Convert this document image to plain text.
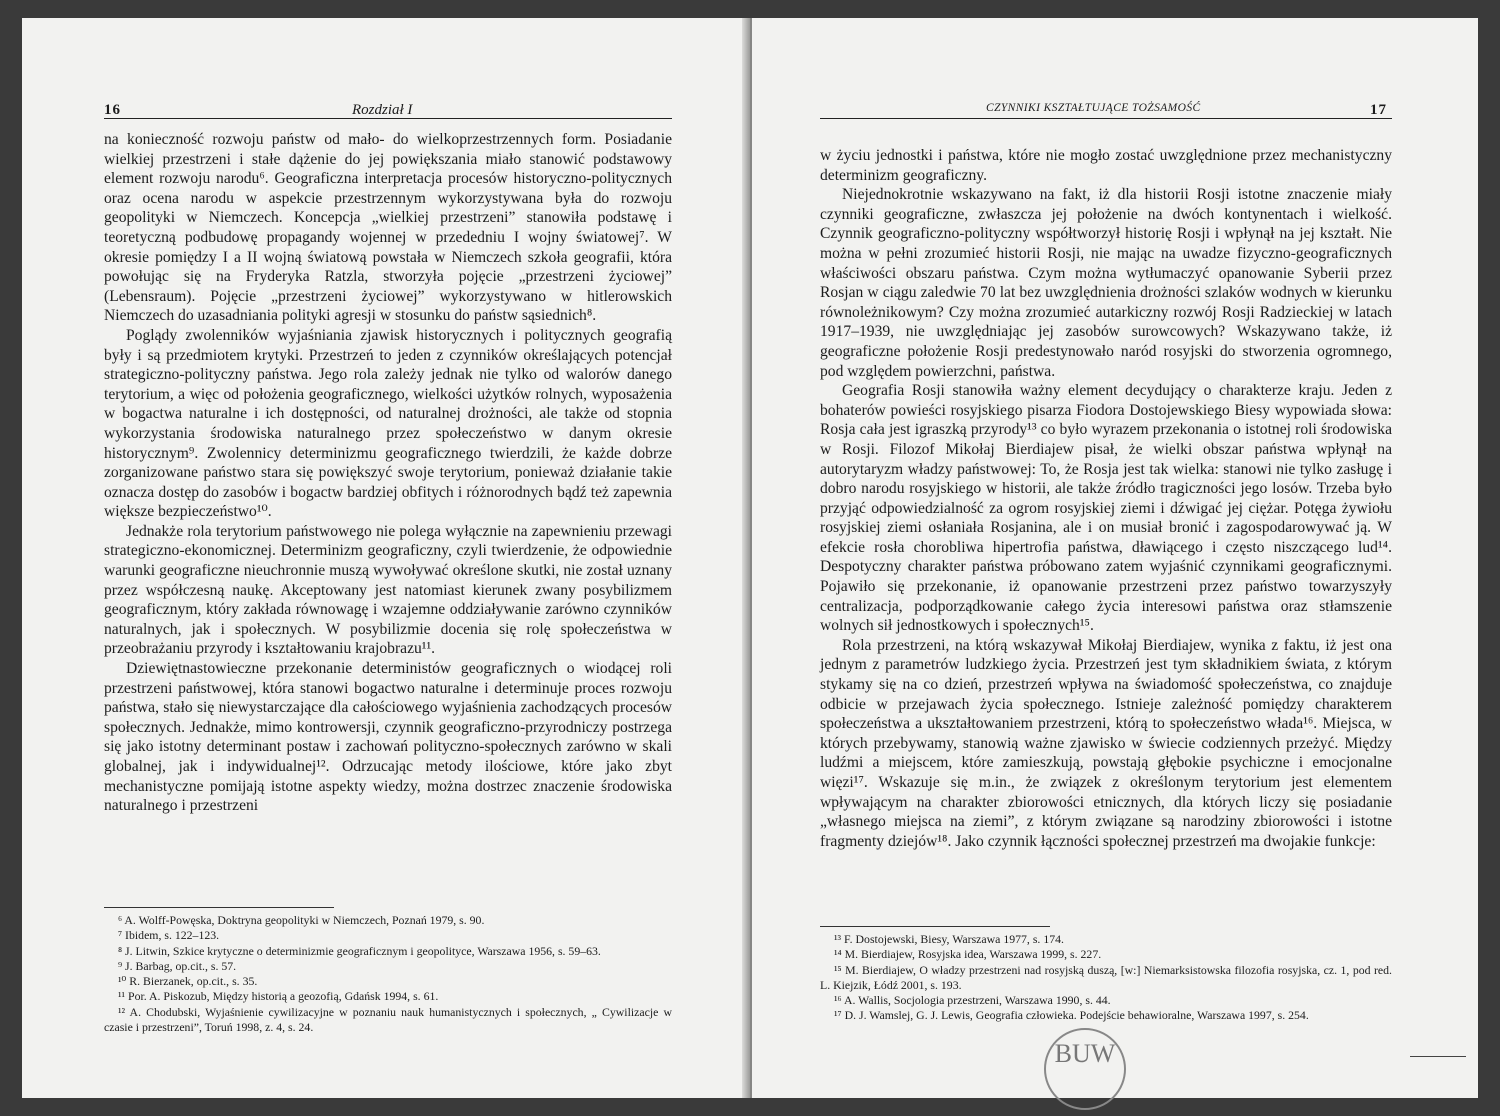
16	Rozdział I

na konieczność rozwoju państw od mało- do wielkoprzestrzennych form. Posiadanie wielkiej przestrzeni i stałe dążenie do jej powiększania miało stanowić podstawowy element rozwoju narodu⁶. Geograficzna interpretacja procesów historyczno-politycznych oraz ocena narodu w aspekcie przestrzennym wykorzystywana była do rozwoju geopolityki w Niemczech. Koncepcja „wielkiej przestrzeni” stanowiła podstawę i teoretyczną podbudowę propagandy wojennej w przededniu I wojny światowej⁷. W okresie pomiędzy I a II wojną światową powstała w Niemczech szkoła geografii, która powołując się na Fryderyka Ratzla, stworzyła pojęcie „przestrzeni życiowej” (Lebensraum). Pojęcie „przestrzeni życiowej” wykorzystywano w hitlerowskich Niemczech do uzasadniania polityki agresji w stosunku do państw sąsiednich⁸.

Poglądy zwolenników wyjaśniania zjawisk historycznych i politycznych geografią były i są przedmiotem krytyki. Przestrzeń to jeden z czynników określających potencjał strategiczno-polityczny państwa. Jego rola zależy jednak nie tylko od walorów danego terytorium, a więc od położenia geograficznego, wielkości użytków rolnych, wyposażenia w bogactwa naturalne i ich dostępności, od naturalnej drożności, ale także od stopnia wykorzystania środowiska naturalnego przez społeczeństwo w danym okresie historycznym⁹. Zwolennicy determinizmu geograficznego twierdzili, że każde dobrze zorganizowane państwo stara się powiększyć swoje terytorium, ponieważ działanie takie oznacza dostęp do zasobów i bogactw bardziej obfitych i różnorodnych bądź też zapewnia większe bezpieczeństwo¹⁰.

Jednakże rola terytorium państwowego nie polega wyłącznie na zapewnieniu przewagi strategiczno-ekonomicznej. Determinizm geograficzny, czyli twierdzenie, że odpowiednie warunki geograficzne nieuchronnie muszą wywoływać określone skutki, nie został uznany przez współczesną naukę. Akceptowany jest natomiast kierunek zwany posybilizmem geograficznym, który zakłada równowagę i wzajemne oddziaływanie zarówno czynników naturalnych, jak i społecznych. W posybilizmie docenia się rolę społeczeństwa w przeobrażaniu przyrody i kształtowaniu krajobrazu¹¹.

Dziewiętnastowieczne przekonanie deterministów geograficznych o wiodącej roli przestrzeni państwowej, która stanowi bogactwo naturalne i determinuje proces rozwoju państwa, stało się niewystarczające dla całościowego wyjaśnienia zachodzących procesów społecznych. Jednakże, mimo kontrowersji, czynnik geograficzno-przyrodniczy postrzega się jako istotny determinant postaw i zachowań polityczno-społecznych zarówno w skali globalnej, jak i indywidualnej¹². Odrzucając metody ilościowe, które jako zbyt mechanistyczne pomijają istotne aspekty wiedzy, można dostrzec znaczenie środowiska naturalnego i przestrzeni

⁶ A. Wolff-Powęska, Doktryna geopolityki w Niemczech, Poznań 1979, s. 90.

⁷ Ibidem, s. 122–123.

⁸ J. Litwin, Szkice krytyczne o determinizmie geograficznym i geopolityce, Warszawa 1956, s. 59–63.

⁹ J. Barbag, op.cit., s. 57.

¹⁰ R. Bierzanek, op.cit., s. 35.

¹¹ Por. A. Piskozub, Między historią a geozofią, Gdańsk 1994, s. 61.

¹² A. Chodubski, Wyjaśnienie cywilizacyjne w poznaniu nauk humanistycznych i społecznych, „ Cywilizacje w czasie i przestrzeni”, Toruń 1998, z. 4, s. 24.

CZYNNIKI KSZTAŁTUJĄCE TOŻSAMOŚĆ	17

w życiu jednostki i państwa, które nie mogło zostać uwzględnione przez mechanistyczny determinizm geograficzny.

Niejednokrotnie wskazywano na fakt, iż dla historii Rosji istotne znaczenie miały czynniki geograficzne, zwłaszcza jej położenie na dwóch kontynentach i wielkość. Czynnik geograficzno-polityczny współtworzył historię Rosji i wpłynął na jej kształt. Nie można w pełni zrozumieć historii Rosji, nie mając na uwadze fizyczno-geograficznych właściwości obszaru państwa. Czym można wytłumaczyć opanowanie Syberii przez Rosjan w ciągu zaledwie 70 lat bez uwzględnienia drożności szlaków wodnych w kierunku równoleżnikowym? Czy można zrozumieć autarkiczny rozwój Rosji Radzieckiej w latach 1917–1939, nie uwzględniając jej zasobów surowcowych? Wskazywano także, iż geograficzne położenie Rosji predestynowało naród rosyjski do stworzenia ogromnego, pod względem powierzchni, państwa.

Geografia Rosji stanowiła ważny element decydujący o charakterze kraju. Jeden z bohaterów powieści rosyjskiego pisarza Fiodora Dostojewskiego Biesy wypowiada słowa: Rosja cała jest igraszką przyrody¹³ co było wyrazem przekonania o istotnej roli środowiska w Rosji. Filozof Mikołaj Bierdiajew pisał, że wielki obszar państwa wpłynął na autorytaryzm władzy państwowej: To, że Rosja jest tak wielka: stanowi nie tylko zasługę i dobro narodu rosyjskiego w historii, ale także źródło tragiczności jego losów. Trzeba było przyjąć odpowiedzialność za ogrom rosyjskiej ziemi i dźwigać jej ciężar. Potęga żywiołu rosyjskiej ziemi osłaniała Rosjanina, ale i on musiał bronić i zagospodarowywać ją. W efekcie rosła chorobliwa hipertrofia państwa, dławiącego i często niszczącego lud¹⁴. Despotyczny charakter państwa próbowano zatem wyjaśnić czynnikami geograficznymi. Pojawiło się przekonanie, iż opanowanie przestrzeni przez państwo towarzyszyły centralizacja, podporządkowanie całego życia interesowi państwa oraz stłamszenie wolnych sił jednostkowych i społecznych¹⁵.

Rola przestrzeni, na którą wskazywał Mikołaj Bierdiajew, wynika z faktu, iż jest ona jednym z parametrów ludzkiego życia. Przestrzeń jest tym składnikiem świata, z którym stykamy się na co dzień, przestrzeń wpływa na świadomość społeczeństwa, co znajduje odbicie w przejawach życia społecznego. Istnieje zależność pomiędzy charakterem społeczeństwa a ukształtowaniem przestrzeni, którą to społeczeństwo włada¹⁶. Miejsca, w których przebywamy, stanowią ważne zjawisko w świecie codziennych przeżyć. Między ludźmi a miejscem, które zamieszkują, powstają głębokie psychiczne i emocjonalne więzi¹⁷. Wskazuje się m.in., że związek z określonym terytorium jest elementem wpływającym na charakter zbiorowości etnicznych, dla których liczy się posiadanie „własnego miejsca na ziemi”, z którym związane są narodziny zbiorowości i istotne fragmenty dziejów¹⁸. Jako czynnik łączności społecznej przestrzeń ma dwojakie funkcje:

¹³ F. Dostojewski, Biesy, Warszawa 1977, s. 174.

¹⁴ M. Bierdiajew, Rosyjska idea, Warszawa 1999, s. 227.

¹⁵ M. Bierdiajew, O władzy przestrzeni nad rosyjską duszą, [w:] Niemarksistowska filozofia rosyjska, cz. 1, pod red. L. Kiejzik, Łódź 2001, s. 193.

¹⁶ A. Wallis, Socjologia przestrzeni, Warszawa 1990, s. 44.

¹⁷ D. J. Wamslej, G. J. Lewis, Geografia człowieka. Podejście behawioralne, Warszawa 1997, s. 254.

BUW
